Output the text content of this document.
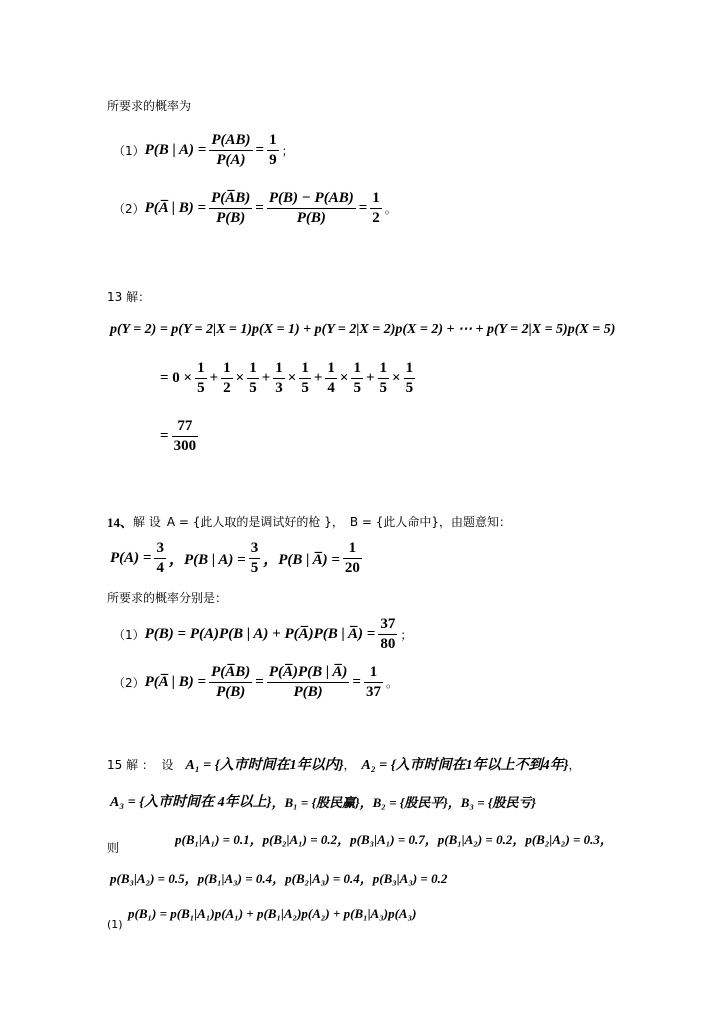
所要求的概率为
（1） P(B | $A) = \frac{P(AB)}{P(A)} = \frac{1}{9}$ ；
（2） P(A̅ | $B) = \frac{P(A̅B)}{P(B)} = \frac{P(B) - P(AB)}{P(B)} = \frac{1}{2}$ 。
13 解：
p(Y = 2) = p(Y = 2|X = 1)p(X = 1) + p(Y = 2|X = 2)p(X = 2) + ⋯ + p(Y = 2|X = 5)p(X = 5)
= $0 \times \frac{1}{5} + \frac{1}{2} \times \frac{1}{5} + \frac{1}{3} \times \frac{1}{5} + \frac{1}{4} \times \frac{1}{5} + \frac{1}{5} \times \frac{1}{5}$
= $\frac{77}{300}$
14、 解 设 A = {此人取的是调试好的枪 }， B = {此人命中}，由题意知：
$P(A) = \frac{3}{4}$ ，P(B | $A) = \frac{3}{5}$ ，P(B | A̅) = $\frac{1}{20}$
所要求的概率分别是：
（1） P(B) = P(A)P(B | A) + P(A̅)P(B | A̅) = $\frac{37}{80}$ ；
（2） P(A̅ | $B) = \frac{P(A̅B)}{P(B)} = \frac{P(A̅)P(B | A̅)}{P(B)} = \frac{1}{37}$ 。
15 解 ：  设 A₁ = {入市时间在1年以内} ， A₂ = {入市时间在1年以上不到4年} ，
A₃ = {入市时间在 4年以上} ，B₁ = {股民赢} ，B₂ = {股民平} ，B₃ = {股民亏}
则
p(B₁|A₁) = 0.1，p(B₂|A₁) = 0.2，p(B₃|A₁) = 0.7，p(B₁|A₂) = 0.2，p(B₂|A₂) = 0.3，
p(B₃|A₂) = 0.5，p(B₁|A₃) = 0.4，p(B₂|A₃) = 0.4，p(B₃|A₃) = 0.2
(1)
p(B₁) = p(B₁|A₁)p(A₁) + p(B₁|A₂)p(A₂) + p(B₁|A₃)p(A₃)
